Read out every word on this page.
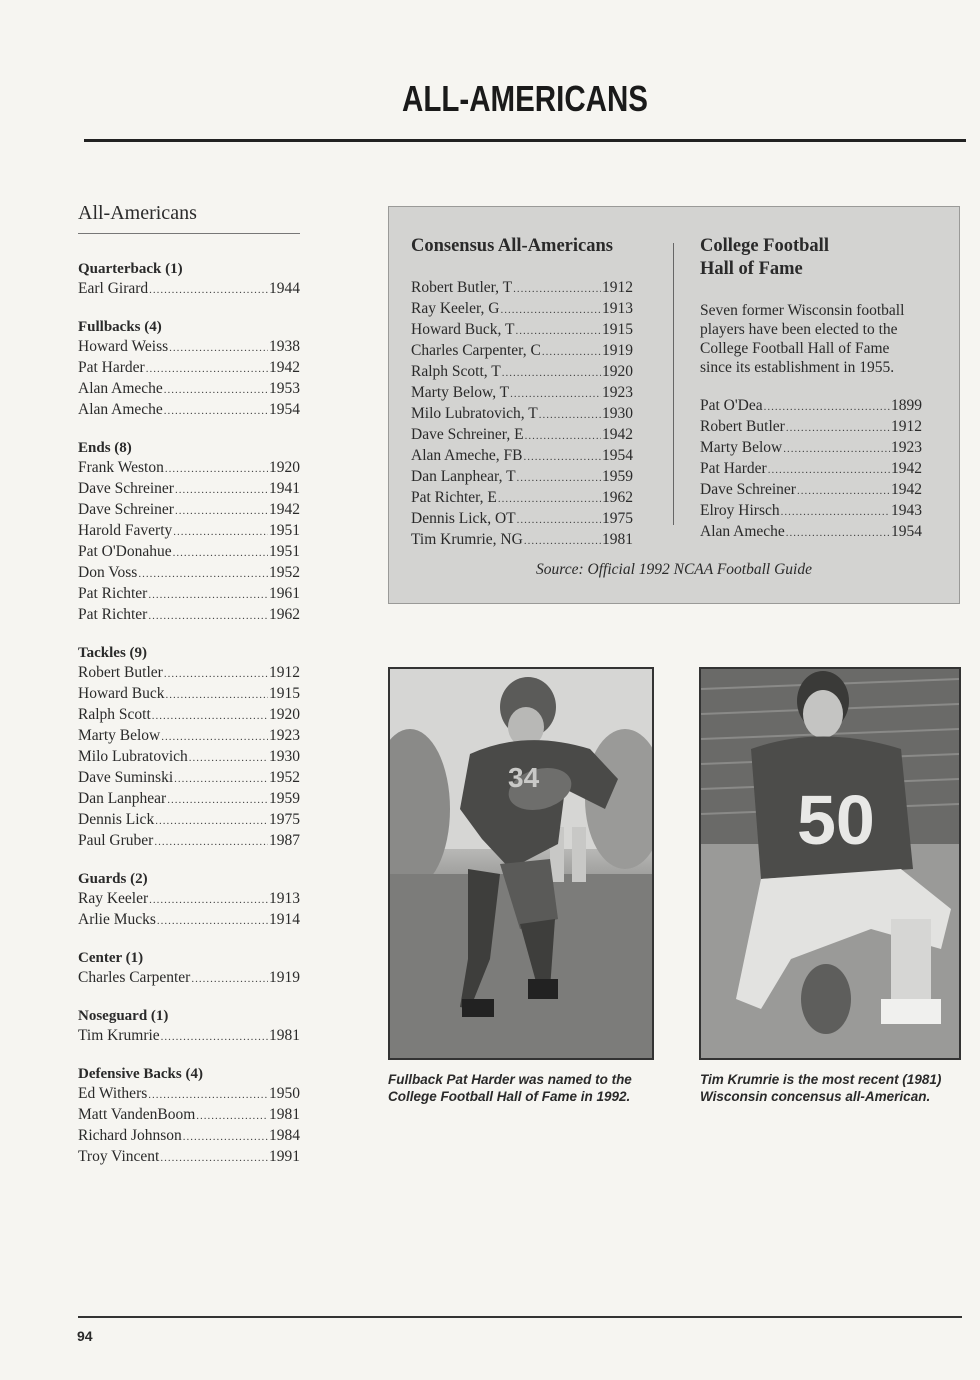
ALL-AMERICANS
All-Americans
Quarterback (1)
Earl Girard .....	1944
Fullbacks (4)
Howard Weiss .....	1938
Pat Harder .....	1942
Alan Ameche .....	1953
Alan Ameche .....	1954
Ends (8)
Frank Weston .....	1920
Dave Schreiner .....	1941
Dave Schreiner .....	1942
Harold Faverty .....	1951
Pat O'Donahue .....	1951
Don Voss .....	1952
Pat Richter .....	1961
Pat Richter .....	1962
Tackles (9)
Robert Butler .....	1912
Howard Buck .....	1915
Ralph Scott .....	1920
Marty Below .....	1923
Milo Lubratovich .....	1930
Dave Suminski .....	1952
Dan Lanphear .....	1959
Dennis Lick .....	1975
Paul Gruber .....	1987
Guards (2)
Ray Keeler .....	1913
Arlie Mucks .....	1914
Center (1)
Charles Carpenter .....	1919
Noseguard (1)
Tim Krumrie .....	1981
Defensive Backs (4)
Ed Withers .....	1950
Matt VandenBoom .....	1981
Richard Johnson .....	1984
Troy Vincent .....	1991
Consensus All-Americans
Robert Butler, T .....	1912
Ray Keeler, G .....	1913
Howard Buck, T .....	1915
Charles Carpenter, C .....	1919
Ralph Scott, T .....	1920
Marty Below, T .....	1923
Milo Lubratovich, T .....	1930
Dave Schreiner, E .....	1942
Alan Ameche, FB .....	1954
Dan Lanphear, T .....	1959
Pat Richter, E .....	1962
Dennis Lick, OT .....	1975
Tim Krumrie, NG .....	1981
College Football
Hall of Fame
Seven former Wisconsin football players have been elected to the College Football Hall of Fame since its establishment in 1955.
Pat O'Dea .....	1899
Robert Butler .....	1912
Marty Below .....	1923
Pat Harder .....	1942
Dave Schreiner .....	1942
Elroy Hirsch .....	1943
Alan Ameche .....	1954
Source: Official 1992 NCAA Football Guide
34
50
Fullback Pat Harder was named to the College Football Hall of Fame in 1992.
Tim Krumrie is the most recent (1981) Wisconsin concensus all-American.
94
